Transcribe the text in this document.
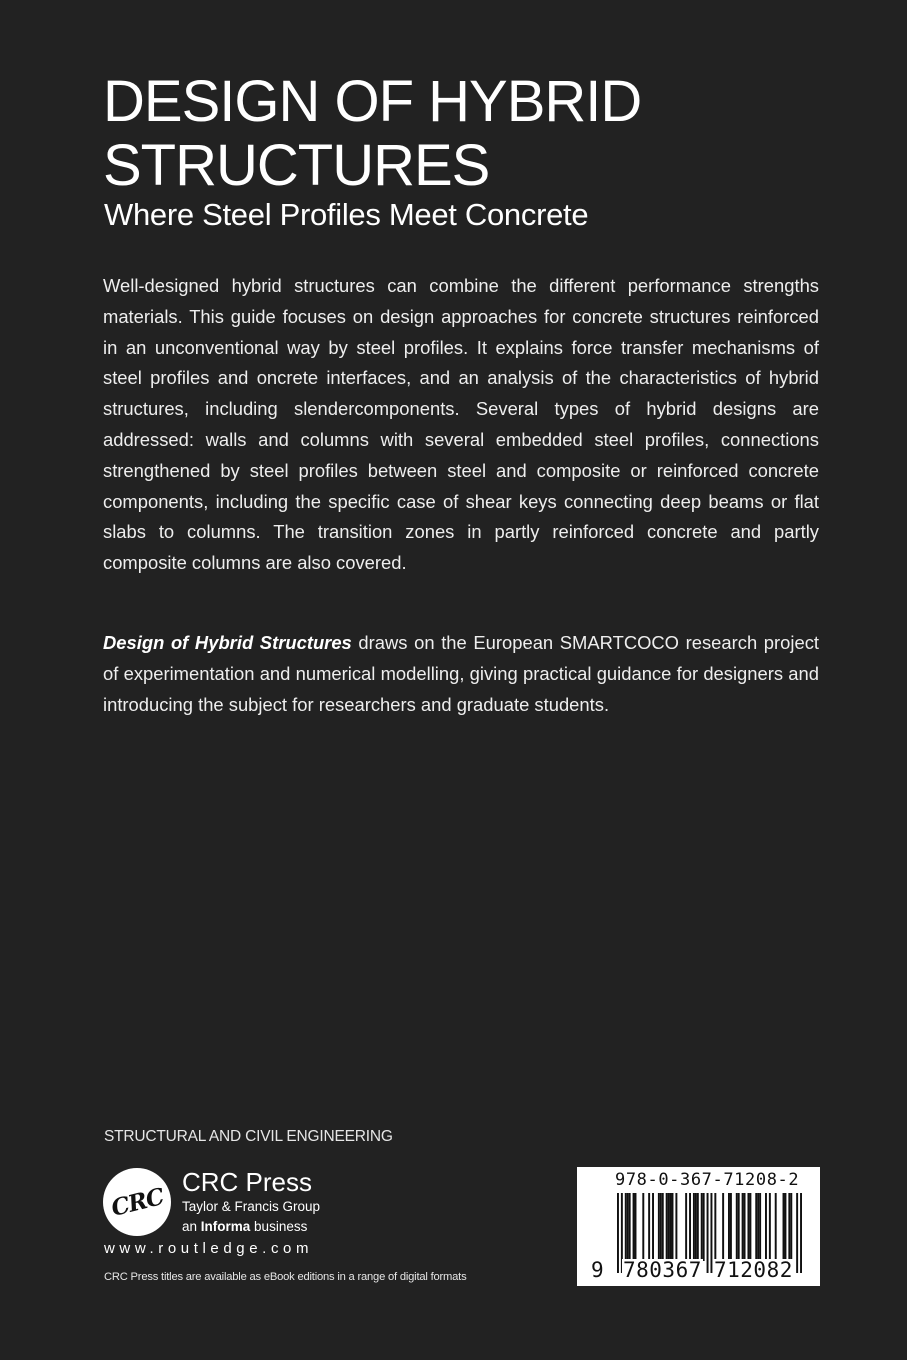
DESIGN OF HYBRID
STRUCTURES
Where Steel Profiles Meet Concrete

Well-designed hybrid structures can combine the different performance strengths materials. This guide focuses on design approaches for concrete structures reinforced in an unconventional way by steel profiles. It explains force transfer mechanisms of steel profiles and oncrete interfaces, and an analysis of the characteristics of hybrid structures, including slendercomponents. Several types of hybrid designs are addressed: walls and columns with several embedded steel profiles, connections strengthened by steel profiles between steel and composite or reinforced concrete components, including the specific case of shear keys connecting deep beams or flat slabs to columns. The transition zones in partly reinforced concrete and partly composite columns are also covered.

Design of Hybrid Structures draws on the European SMARTCOCO research project of experimentation and numerical modelling, giving practical guidance for designers and introducing the subject for researchers and graduate students.

STRUCTURAL AND CIVIL ENGINEERING
CRC
CRC Press
Taylor & Francis Group
an Informa business
www.routledge.com
CRC Press titles are available as eBook editions in a range of digital formats
978-0-367-71208-2
9 780367 712082
